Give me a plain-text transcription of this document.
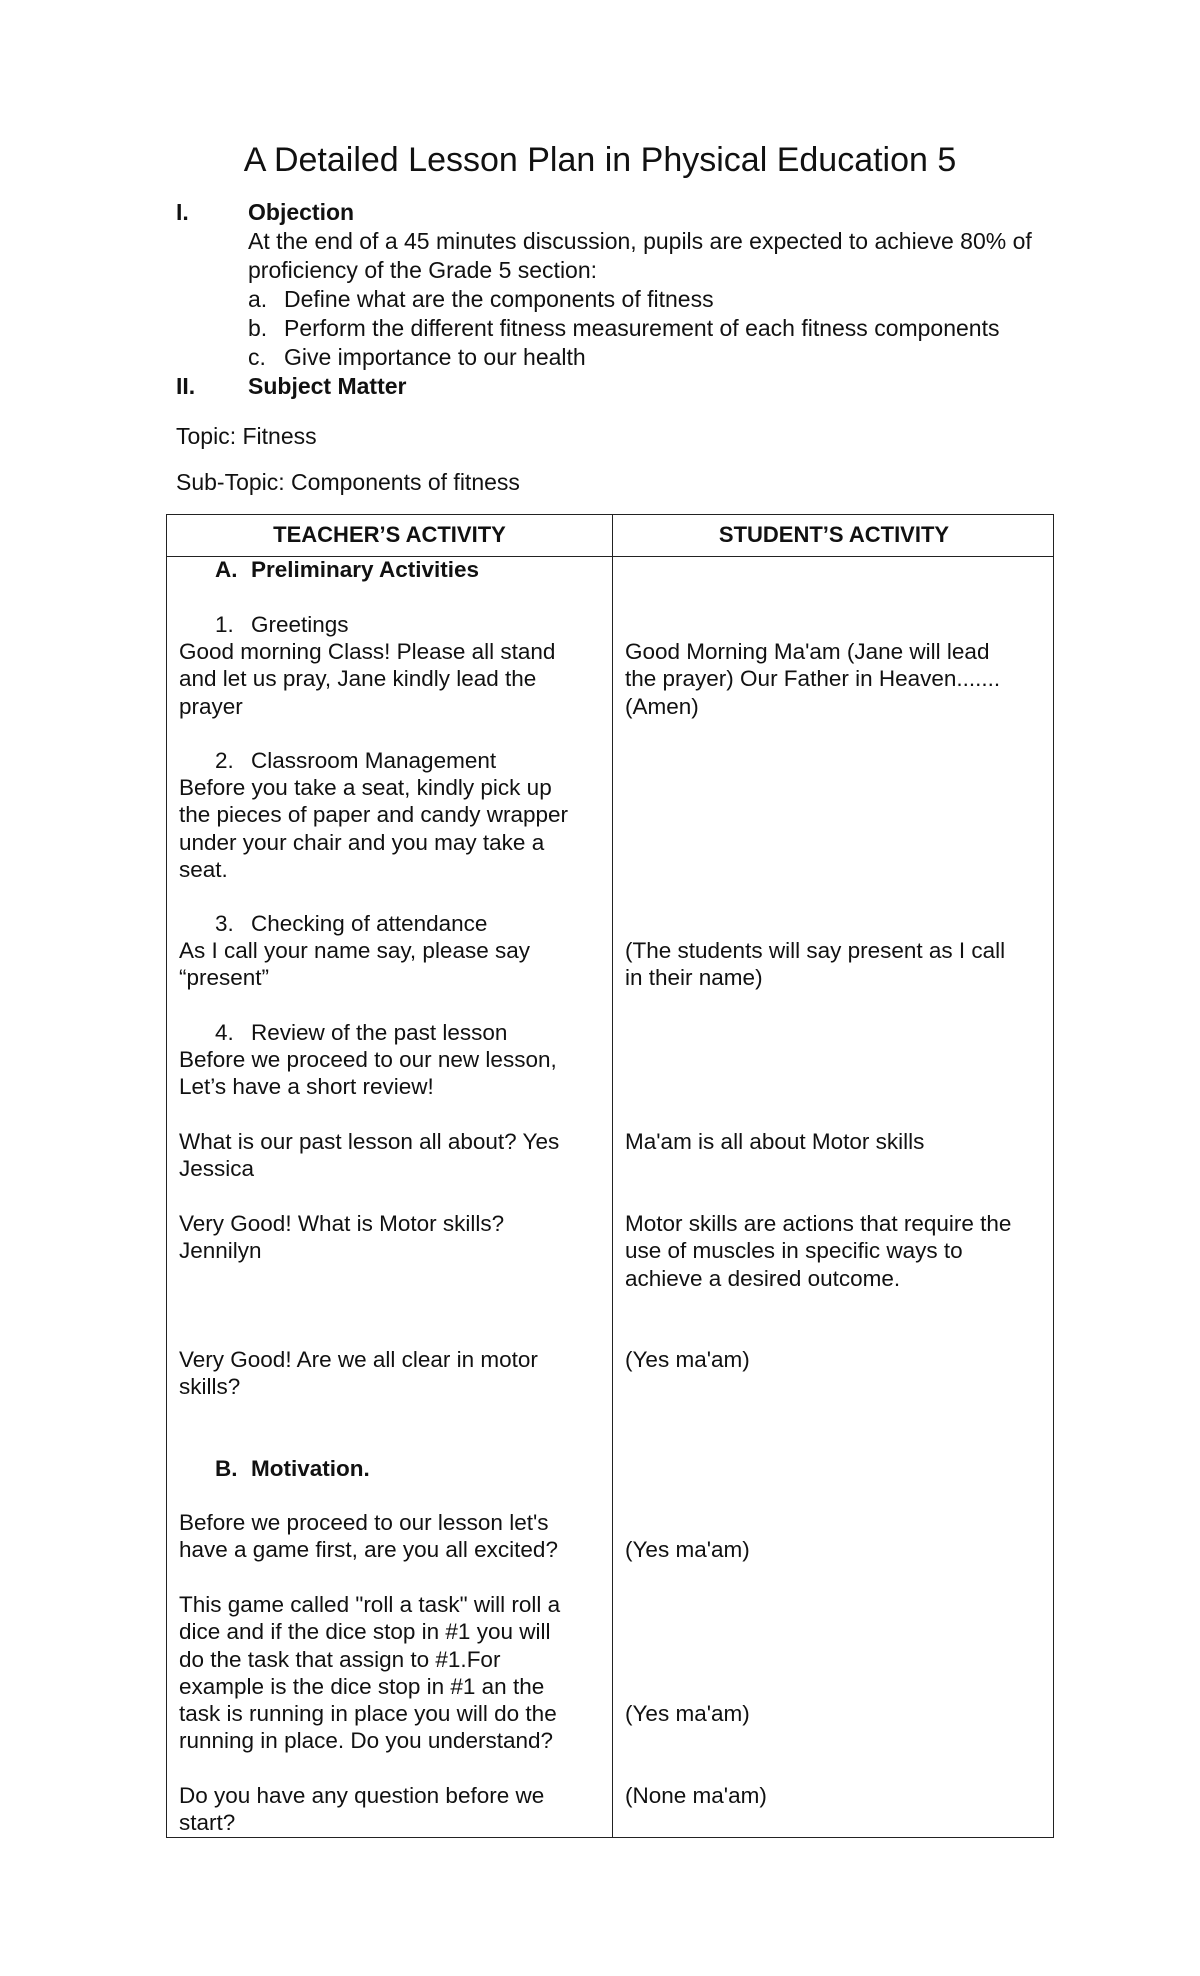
A Detailed Lesson Plan in Physical Education 5
I.	Objection
At the end of a 45 minutes discussion, pupils are expected to achieve 80% of
proficiency of the Grade 5 section:
a. Define what are the components of fitness
b. Perform the different fitness measurement of each fitness components
c. Give importance to our health
II. Subject Matter
Topic: Fitness
Sub-Topic: Components of fitness
TEACHER’S ACTIVITY	STUDENT’S ACTIVITY
A. Preliminary Activities
1. Greetings
Good morning Class! Please all stand
and let us pray, Jane kindly lead the
prayer
2. Classroom Management
Before you take a seat, kindly pick up
the pieces of paper and candy wrapper
under your chair and you may take a
seat.
3. Checking of attendance
As I call your name say, please say
“present”
4. Review of the past lesson
Before we proceed to our new lesson,
Let’s have a short review!
What is our past lesson all about? Yes
Jessica
Very Good! What is Motor skills?
Jennilyn
Very Good! Are we all clear in motor
skills?
B. Motivation.
Before we proceed to our lesson let's
have a game first, are you all excited?
This game called "roll a task" will roll a
dice and if the dice stop in #1 you will
do the task that assign to #1.For
example is the dice stop in #1 an the
task is running in place you will do the
running in place. Do you understand?
Do you have any question before we
start?
Good Morning Ma'am (Jane will lead
the prayer) Our Father in Heaven.......
(Amen)
(The students will say present as I call
in their name)
Ma'am is all about Motor skills
Motor skills are actions that require the
use of muscles in specific ways to
achieve a desired outcome.
(Yes ma'am)
(Yes ma'am)
(Yes ma'am)
(None ma'am)
